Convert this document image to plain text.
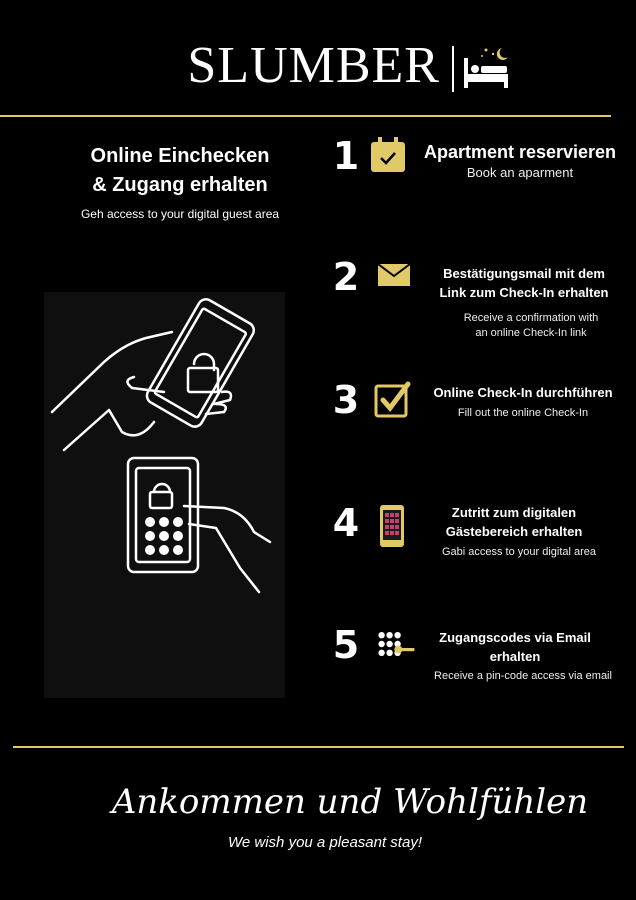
SLUMBER
Online Einchecken
& Zugang erhalten
Geh access to your digital guest area
1	Apartment reservieren
Book an aparment
2	Bestätigungsmail mit dem
Link zum Check-In erhalten
Receive a confirmation with
an online Check-In link
3	Online Check-In durchführen
Fill out the online Check-In
4	Zutritt zum digitalen
Gästebereich erhalten
Gabi access to your digital area
5	Zugangscodes via Email
erhalten
Receive a pin-code access via email
Ankommen und Wohlfühlen
We wish you a pleasant stay!
